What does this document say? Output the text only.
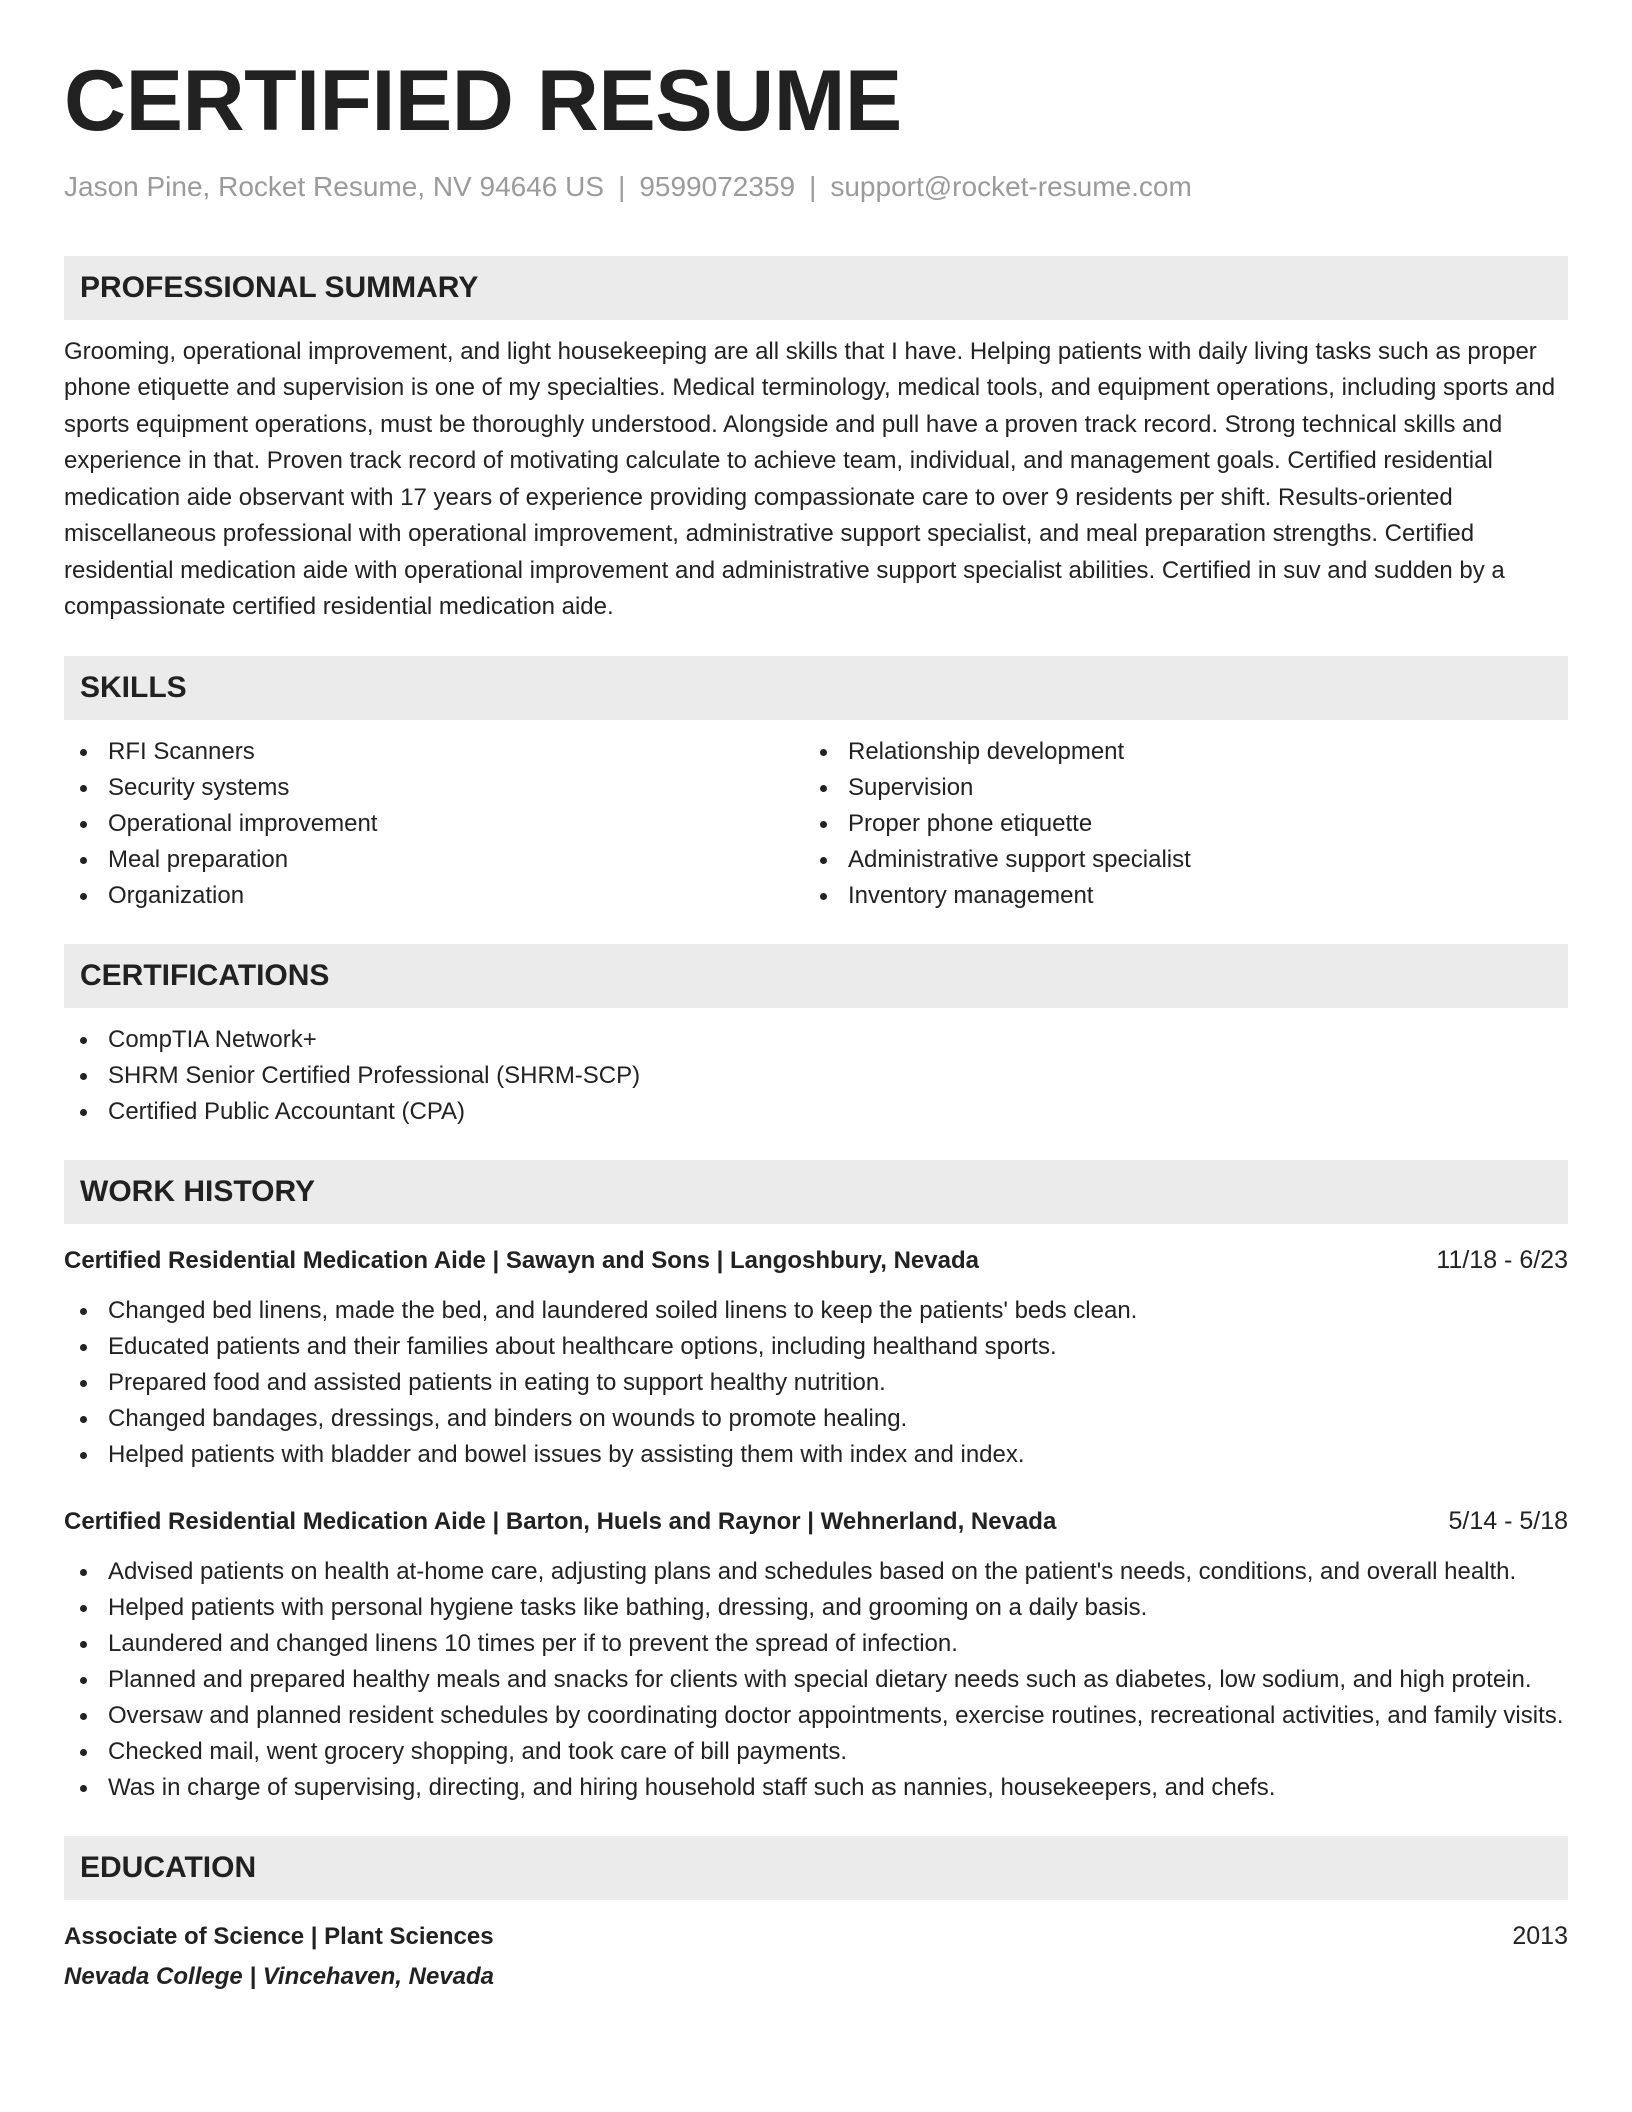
CERTIFIED RESUME
Jason Pine, Rocket Resume, NV 94646 US | 9599072359 | support@rocket-resume.com
PROFESSIONAL SUMMARY
Grooming, operational improvement, and light housekeeping are all skills that I have. Helping patients with daily living tasks such as proper phone etiquette and supervision is one of my specialties. Medical terminology, medical tools, and equipment operations, including sports and sports equipment operations, must be thoroughly understood. Alongside and pull have a proven track record. Strong technical skills and experience in that. Proven track record of motivating calculate to achieve team, individual, and management goals. Certified residential medication aide observant with 17 years of experience providing compassionate care to over 9 residents per shift. Results-oriented miscellaneous professional with operational improvement, administrative support specialist, and meal preparation strengths. Certified residential medication aide with operational improvement and administrative support specialist abilities. Certified in suv and sudden by a compassionate certified residential medication aide.
SKILLS
RFI Scanners
Security systems
Operational improvement
Meal preparation
Organization
Relationship development
Supervision
Proper phone etiquette
Administrative support specialist
Inventory management
CERTIFICATIONS
CompTIA Network+
SHRM Senior Certified Professional (SHRM-SCP)
Certified Public Accountant (CPA)
WORK HISTORY
Certified Residential Medication Aide | Sawayn and Sons | Langoshbury, Nevada	11/18 - 6/23
Changed bed linens, made the bed, and laundered soiled linens to keep the patients' beds clean.
Educated patients and their families about healthcare options, including healthand sports.
Prepared food and assisted patients in eating to support healthy nutrition.
Changed bandages, dressings, and binders on wounds to promote healing.
Helped patients with bladder and bowel issues by assisting them with index and index.
Certified Residential Medication Aide | Barton, Huels and Raynor | Wehnerland, Nevada	5/14 - 5/18
Advised patients on health at-home care, adjusting plans and schedules based on the patient's needs, conditions, and overall health.
Helped patients with personal hygiene tasks like bathing, dressing, and grooming on a daily basis.
Laundered and changed linens 10 times per if to prevent the spread of infection.
Planned and prepared healthy meals and snacks for clients with special dietary needs such as diabetes, low sodium, and high protein.
Oversaw and planned resident schedules by coordinating doctor appointments, exercise routines, recreational activities, and family visits.
Checked mail, went grocery shopping, and took care of bill payments.
Was in charge of supervising, directing, and hiring household staff such as nannies, housekeepers, and chefs.
EDUCATION
Associate of Science | Plant Sciences	2013
Nevada College | Vincehaven, Nevada
